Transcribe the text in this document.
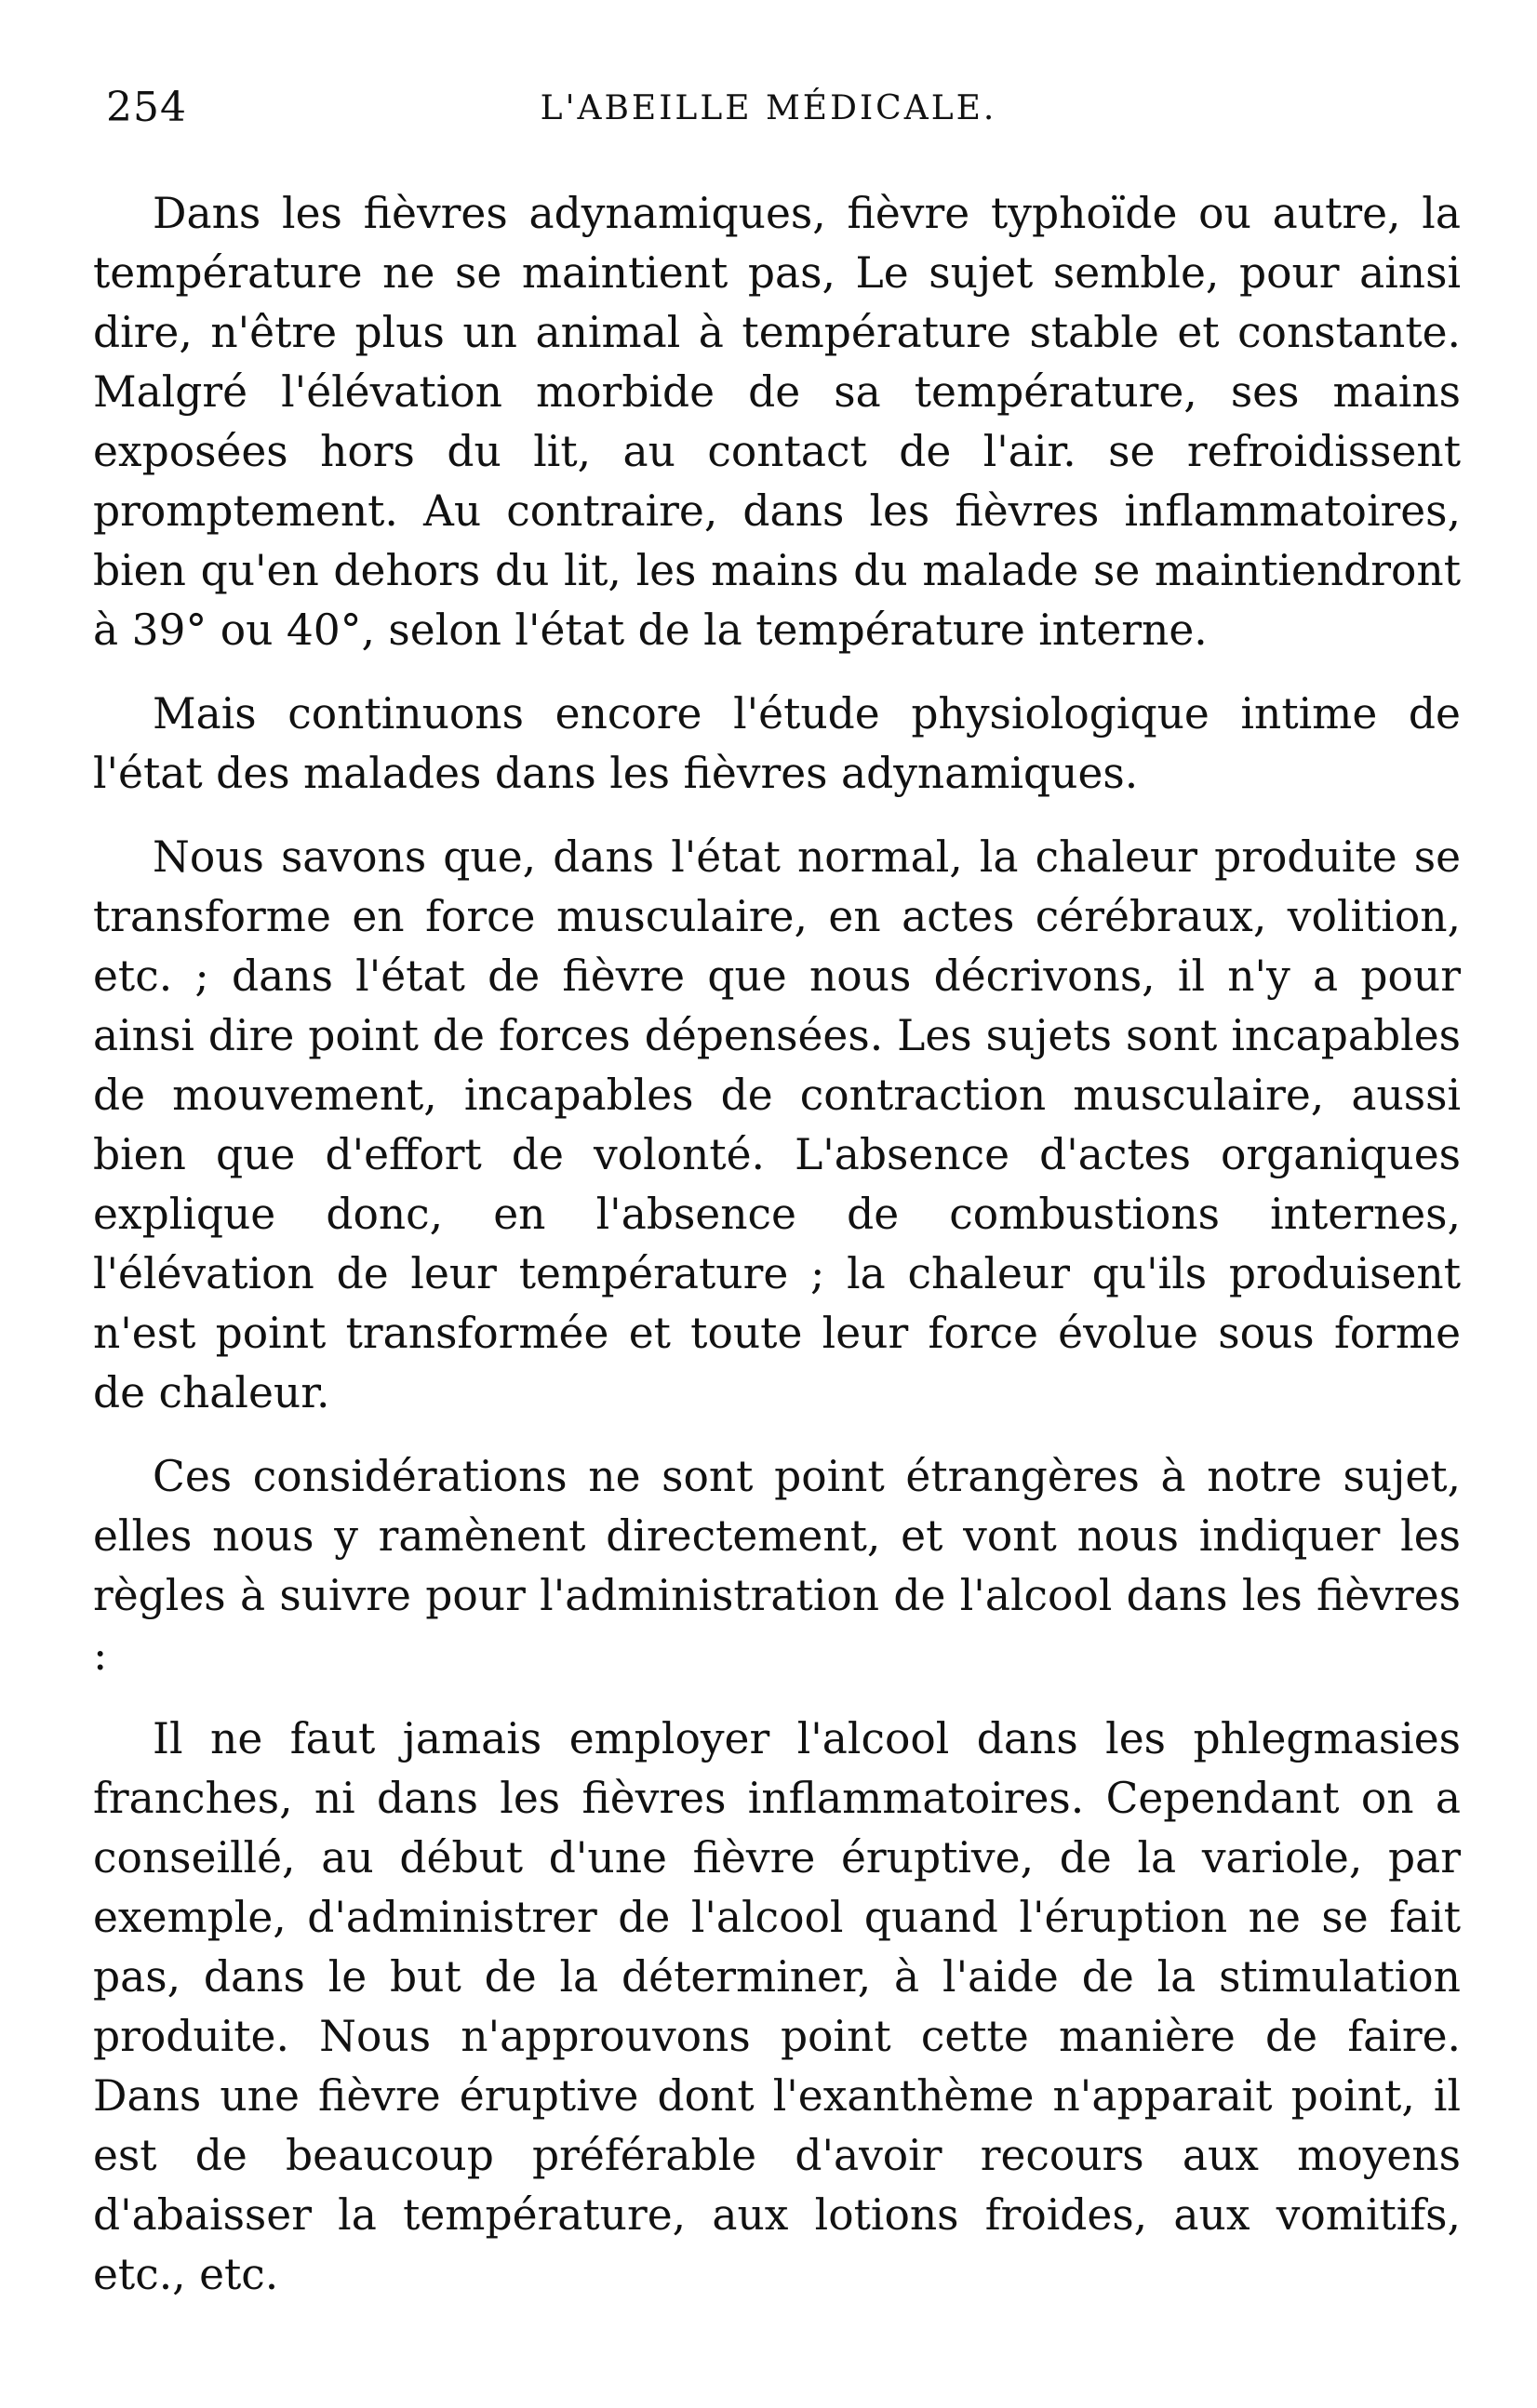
254	L'ABEILLE MÉDICALE.

Dans les fièvres adynamiques, fièvre typhoïde ou autre, la température ne se maintient pas, Le sujet semble, pour ainsi dire, n'être plus un animal à température stable et constante. Malgré l'élévation morbide de sa température, ses mains exposées hors du lit, au contact de l'air. se refroidissent promptement. Au contraire, dans les fièvres inflammatoires, bien qu'en dehors du lit, les mains du malade se maintiendront à 39° ou 40°, selon l'état de la température interne.

Mais continuons encore l'étude physiologique intime de l'état des malades dans les fièvres adynamiques.

Nous savons que, dans l'état normal, la chaleur produite se transforme en force musculaire, en actes cérébraux, volition, etc. ; dans l'état de fièvre que nous décrivons, il n'y a pour ainsi dire point de forces dépensées. Les sujets sont incapables de mouvement, incapables de contraction musculaire, aussi bien que d'effort de volonté. L'absence d'actes organiques explique donc, en l'absence de combustions internes, l'élévation de leur température ; la chaleur qu'ils produisent n'est point transformée et toute leur force évolue sous forme de chaleur.

Ces considérations ne sont point étrangères à notre sujet, elles nous y ramènent directement, et vont nous indiquer les règles à suivre pour l'administration de l'alcool dans les fièvres :

Il ne faut jamais employer l'alcool dans les phlegmasies franches, ni dans les fièvres inflammatoires. Cependant on a conseillé, au début d'une fièvre éruptive, de la variole, par exemple, d'administrer de l'alcool quand l'éruption ne se fait pas, dans le but de la déterminer, à l'aide de la stimulation produite. Nous n'approuvons point cette manière de faire. Dans une fièvre éruptive dont l'exanthème n'apparait point, il est de beaucoup préférable d'avoir recours aux moyens d'abaisser la température, aux lotions froides, aux vomitifs, etc., etc.
